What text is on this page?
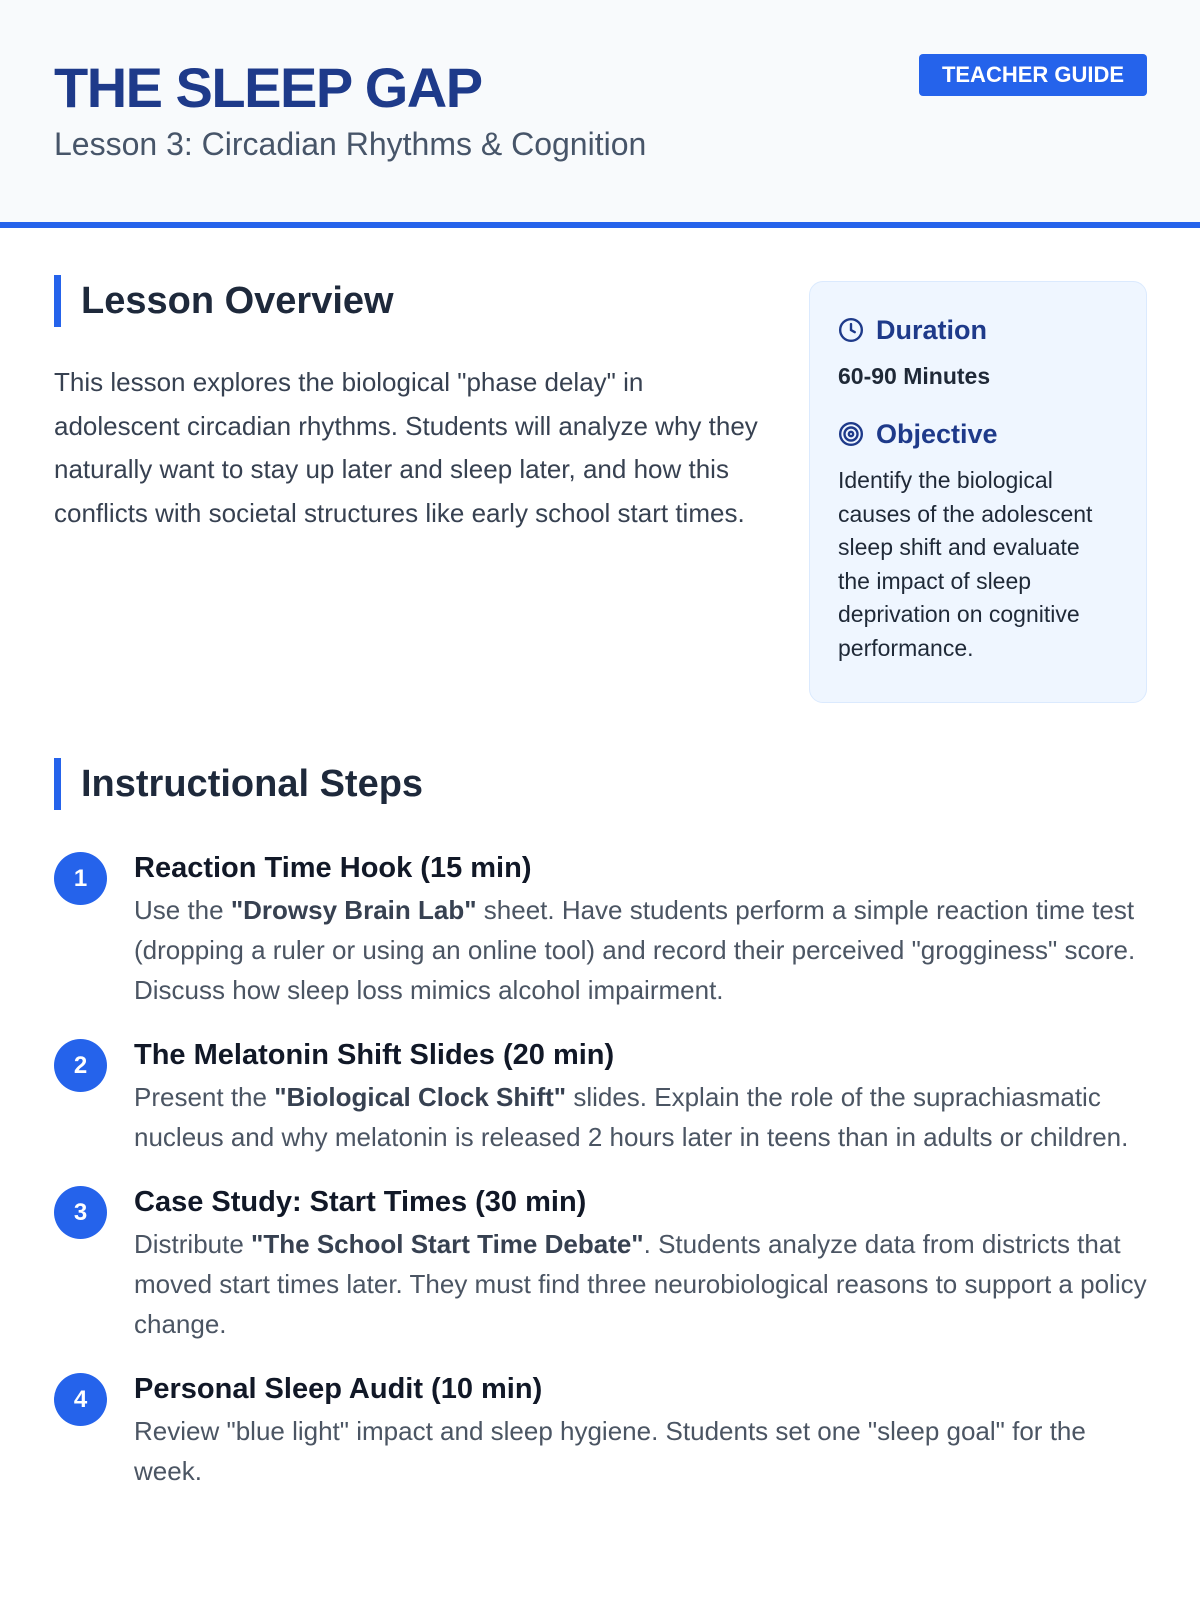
THE SLEEP GAP
Lesson 3: Circadian Rhythms & Cognition
TEACHER GUIDE
Lesson Overview

This lesson explores the biological "phase delay" in adolescent circadian rhythms. Students will analyze why they naturally want to stay up later and sleep later, and how this conflicts with societal structures like early school start times.

Duration
60-90 Minutes
Objective
Identify the biological causes of the adolescent sleep shift and evaluate the impact of sleep deprivation on cognitive performance.
Instructional Steps
1	Reaction Time Hook (15 min)
Use the "Drowsy Brain Lab" sheet. Have students perform a simple reaction time test (dropping a ruler or using an online tool) and record their perceived "grogginess" score. Discuss how sleep loss mimics alcohol impairment.
2	The Melatonin Shift Slides (20 min)
Present the "Biological Clock Shift" slides. Explain the role of the suprachiasmatic nucleus and why melatonin is released 2 hours later in teens than in adults or children.
3	Case Study: Start Times (30 min)
Distribute "The School Start Time Debate". Students analyze data from districts that moved start times later. They must find three neurobiological reasons to support a policy change.
4	Personal Sleep Audit (10 min)
Review "blue light" impact and sleep hygiene. Students set one "sleep goal" for the week.
